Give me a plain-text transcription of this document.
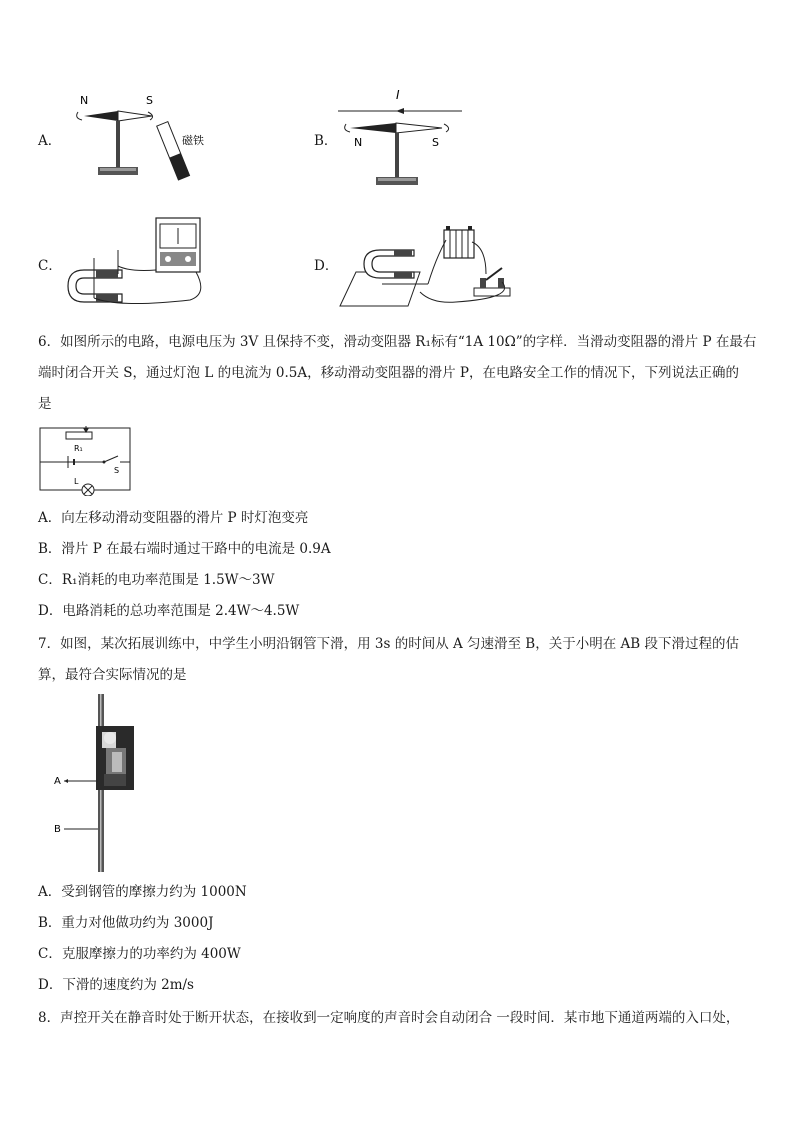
A．
N	S
磁铁	B．
I
N	S
C．	D．
6．如图所示的电路，电源电压为 3V 且保持不变，滑动变阻器 R₁标有“1A 10Ω”的字样．当滑动变阻器的滑片 P 在最右
端时闭合开关 S，通过灯泡 L 的电流为 0.5A，移动滑动变阻器的滑片 P，在电路安全工作的情况下，下列说法正确的
是
R₁
S
L
A．向左移动滑动变阻器的滑片 P 时灯泡变亮
B．滑片 P 在最右端时通过干路中的电流是 0.9A
C．R₁消耗的电功率范围是 1.5W～3W
D．电路消耗的总功率范围是 2.4W～4.5W
7．如图，某次拓展训练中，中学生小明沿钢管下滑，用 3s 的时间从 A 匀速滑至 B，关于小明在 AB 段下滑过程的估
算，最符合实际情况的是
A
B
A．受到钢管的摩擦力约为 1000N
B．重力对他做功约为 3000J
C．克服摩擦力的功率约为 400W
D．下滑的速度约为 2m/s
8．声控开关在静音时处于断开状态，在接收到一定响度的声音时会自动闭合 一段时间．某市地下通道两端的入口处，
